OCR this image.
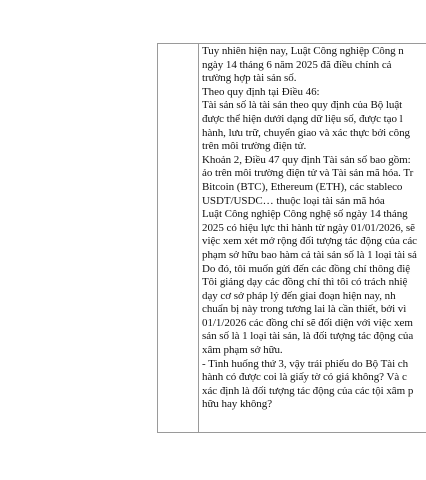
Tuy nhiên hiện nay, Luật Công nghiệp Công n
ngày 14 tháng 6 năm 2025 đã điều chỉnh cả
trường hợp tài sản số.
Theo quy định tại Điều 46:
Tài sản số là tài sản theo quy định của Bộ luật
được thể hiện dưới dạng dữ liệu số, được tạo l
hành, lưu trữ, chuyển giao và xác thực bởi công
trên môi trường điện tử.
Khoản 2, Điều 47 quy định Tài sản số bao gồm:
ảo trên môi trường điện tử và Tài sản mã hóa. Tr
Bitcoin (BTC), Ethereum (ETH), các stableco
USDT/USDC… thuộc loại tài sản mã hóa
Luật Công nghiệp Công nghệ số ngày 14 tháng
2025 có hiệu lực thi hành từ ngày 01/01/2026, sẽ
việc xem xét mở rộng đối tượng tác động của các
phạm sở hữu bao hàm cả tài sản số là 1 loại tài sả
Do đó, tôi muốn gửi đến các đồng chí thông điệ
Tôi giảng dạy các đồng chí thì tôi có trách nhiệ
dạy cơ sở pháp lý đến giai đoạn hiện nay, nh
chuẩn bị này trong tương lai là cần thiết, bởi vì
01/1/2026 các đồng chí sẽ đối diện với việc xem
sản số là 1 loại tài sản, là đối tượng tác động của
xâm phạm sở hữu.
- Tình huống thứ 3, vậy trái phiếu do Bộ Tài ch
hành có được coi là giấy tờ có giá không? Và c
xác định là đối tượng tác động của các tội xâm p
hữu hay không?
